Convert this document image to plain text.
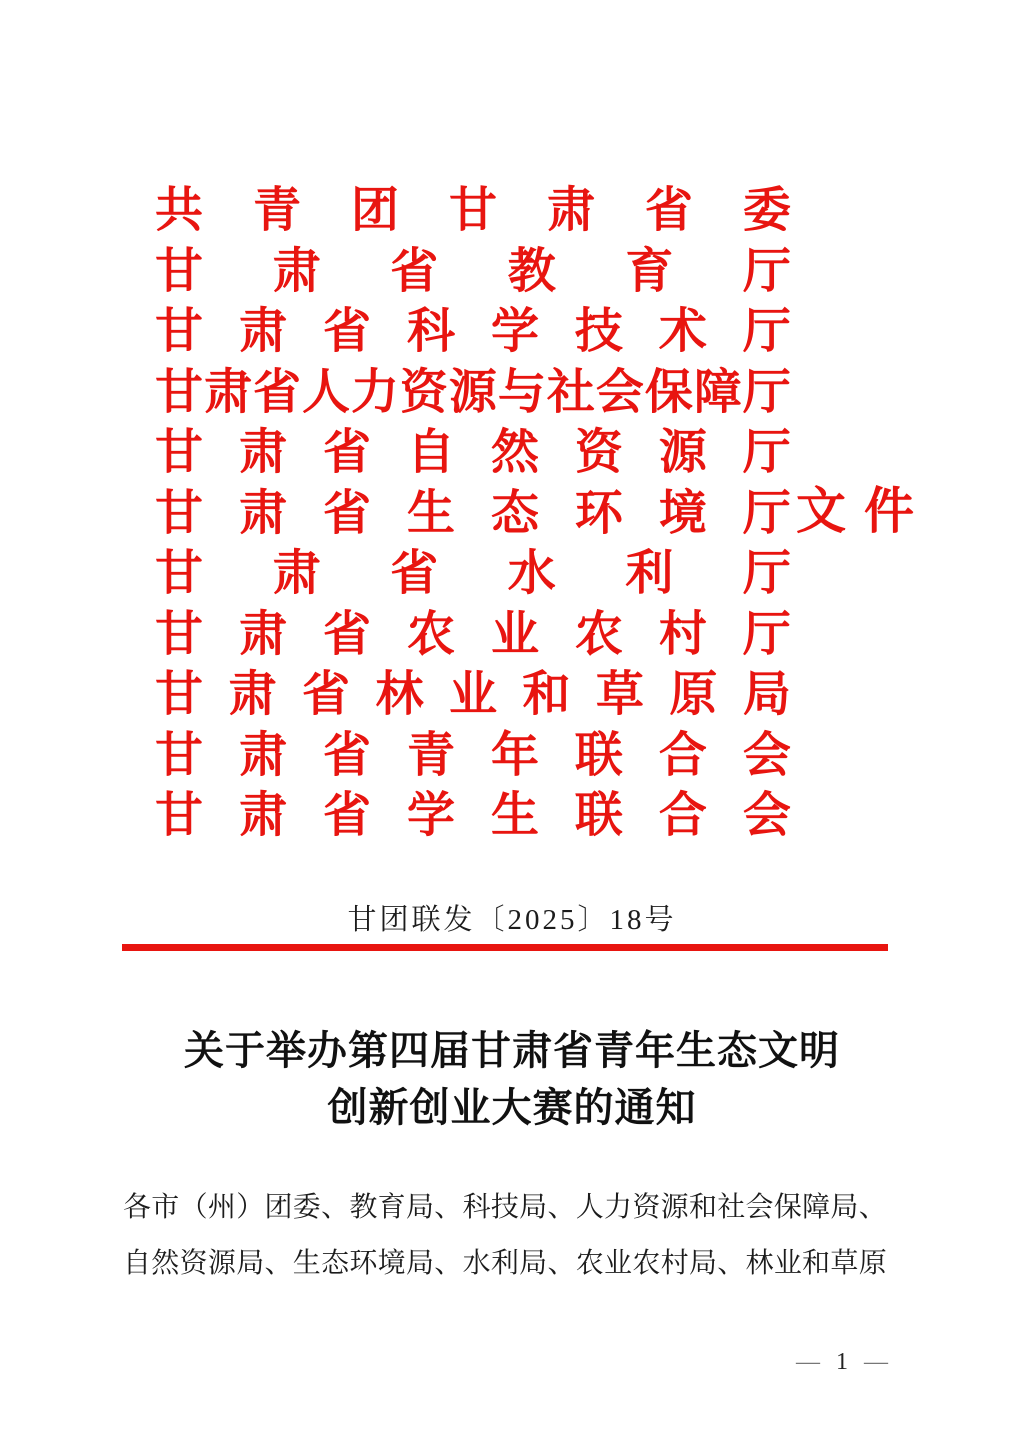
共 青 团 甘 肃 省 委
甘 肃 省 教 育 厅
甘 肃 省 科 学 技 术 厅
甘 肃 省 人 力 资 源 与 社 会 保 障 厅
甘 肃 省 自 然 资 源 厅
甘 肃 省 生 态 环 境 厅
甘 肃 省 水 利 厅
甘 肃 省 农 业 农 村 厅
甘 肃 省 林 业 和 草 原 局
甘 肃 省 青 年 联 合 会
甘 肃 省 学 生 联 合 会
文 件
甘团联发〔2025〕18号
关于举办第四届甘肃省青年生态文明
创新创业大赛的通知
各 市 （ 州 ） 团 委 、 教 育 局 、 科 技 局 、 人 力 资 源 和 社 会 保 障 局 、
自 然 资 源 局 、 生 态 环 境 局 、 水 利 局 、 农 业 农 村 局 、 林 业 和 草 原
— 1 —
